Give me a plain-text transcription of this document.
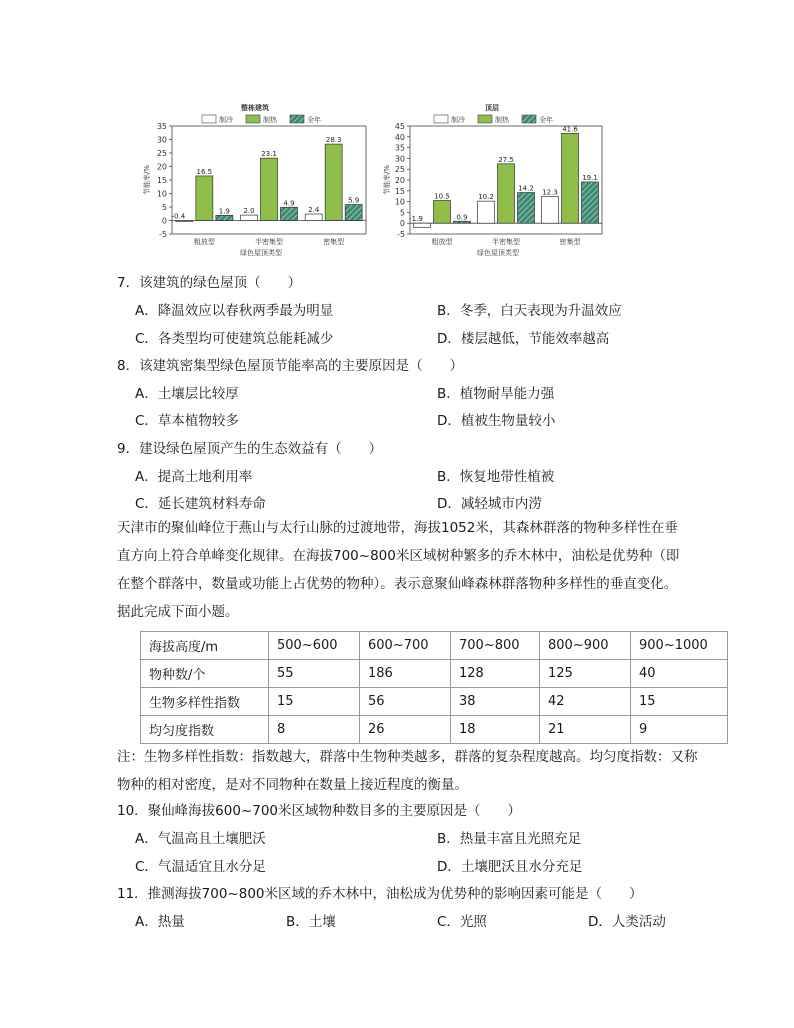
整栋建筑
-5
0
5
10
15
20
25
30
35
节能率/%
制冷	制热	全年
-0.4
16.5
1.9
粗放型
2.0
23.1
4.9
半密集型
2.4
28.3
5.9
密集型
绿色屋顶类型
顶层
-5
0
5
10
15
20
25
30
35
40
45
节能率/%
制冷	制热	全年
-1.9
10.5
0.9
粗放型
10.2
27.5
14.2
半密集型
12.3
41.6
19.1
密集型
绿色屋顶类型
7．该建筑的绿色屋顶（　　）
A．降温效应以春秋两季最为明显	B．冬季，白天表现为升温效应
C．各类型均可使建筑总能耗减少	D．楼层越低，节能效率越高
8．该建筑密集型绿色屋顶节能率高的主要原因是（　　）
A．土壤层比较厚	B．植物耐旱能力强
C．草本植物较多	D．植被生物量较小
9．建设绿色屋顶产生的生态效益有（　　）
A．提高土地利用率	B．恢复地带性植被
C．延长建筑材料寿命	D．减轻城市内涝
天津市的聚仙峰位于燕山与太行山脉的过渡地带，海拔1052米，其森林群落的物种多样性在垂直方向上符合单峰变化规律。在海拔700~800米区域树种繁多的乔木林中，油松是优势种（即在整个群落中，数量或功能上占优势的物种）。表示意聚仙峰森林群落物种多样性的垂直变化。据此完成下面小题。
海拔高度/m	500~600	600~700	700~800	800~900	900~1000
物种数/个	55	186	128	125	40
生物多样性指数	15	56	38	42	15
均匀度指数	8	26	18	21	9
注：生物多样性指数：指数越大，群落中生物种类越多，群落的复杂程度越高。均匀度指数：又称物种的相对密度，是对不同物种在数量上接近程度的衡量。
10．聚仙峰海拔600~700米区域物种数目多的主要原因是（　　）
A．气温高且土壤肥沃	B．热量丰富且光照充足
C．气温适宜且水分足	D．土壤肥沃且水分充足
11．推测海拔700~800米区域的乔木林中，油松成为优势种的影响因素可能是（　　）
A．热量	B．土壤	C．光照	D．人类活动
